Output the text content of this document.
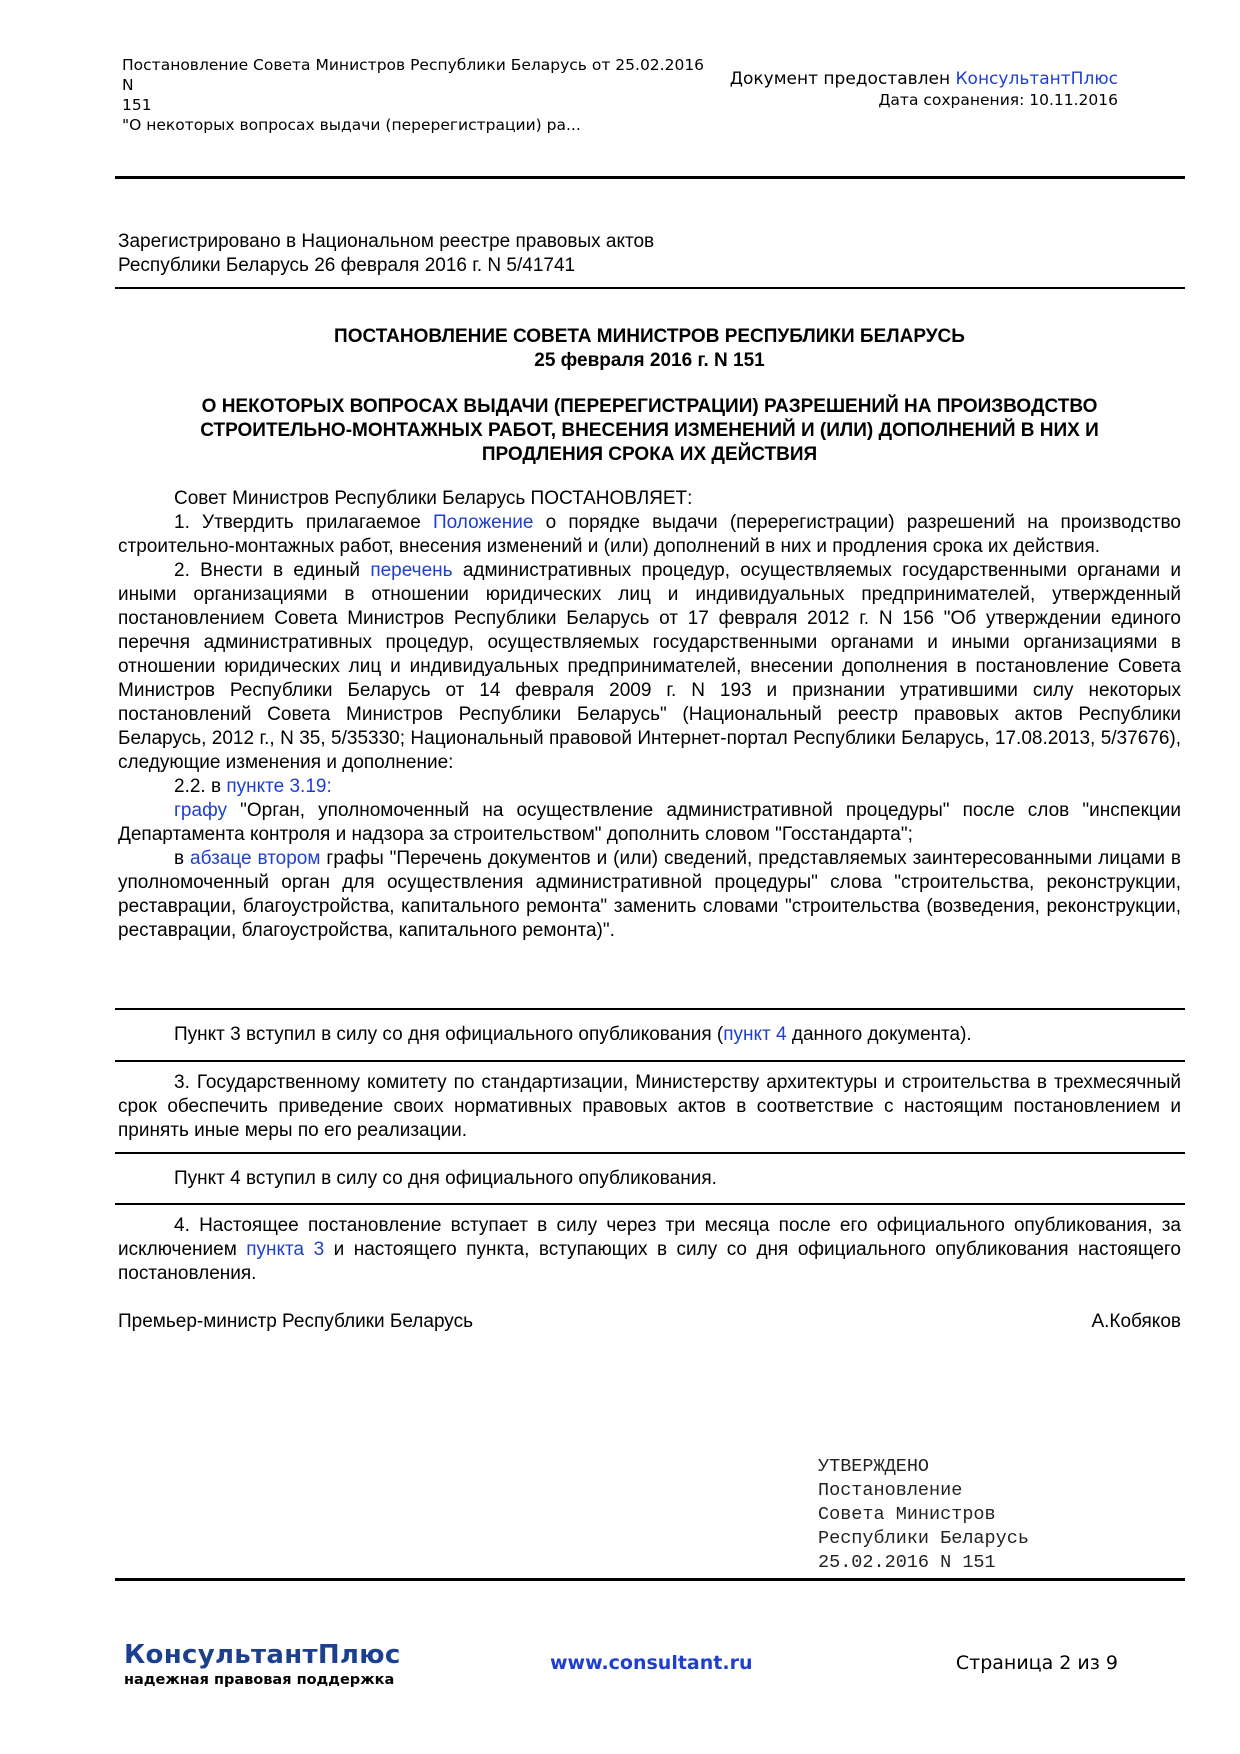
Постановление Совета Министров Республики Беларусь от 25.02.2016 N
151
"О некоторых вопросах выдачи (перерегистрации) ра...
Документ предоставлен КонсультантПлюс
Дата сохранения: 10.11.2016
Зарегистрировано в Национальном реестре правовых актов
Республики Беларусь 26 февраля 2016 г. N 5/41741
ПОСТАНОВЛЕНИЕ СОВЕТА МИНИСТРОВ РЕСПУБЛИКИ БЕЛАРУСЬ
25 февраля 2016 г. N 151
О НЕКОТОРЫХ ВОПРОСАХ ВЫДАЧИ (ПЕРЕРЕГИСТРАЦИИ) РАЗРЕШЕНИЙ НА ПРОИЗВОДСТВО СТРОИТЕЛЬНО-МОНТАЖНЫХ РАБОТ, ВНЕСЕНИЯ ИЗМЕНЕНИЙ И (ИЛИ) ДОПОЛНЕНИЙ В НИХ И ПРОДЛЕНИЯ СРОКА ИХ ДЕЙСТВИЯ

Совет Министров Республики Беларусь ПОСТАНОВЛЯЕТ:

1. Утвердить прилагаемое Положение о порядке выдачи (перерегистрации) разрешений на производство строительно-монтажных работ, внесения изменений и (или) дополнений в них и продления срока их действия.

2. Внести в единый перечень административных процедур, осуществляемых государственными органами и иными организациями в отношении юридических лиц и индивидуальных предпринимателей, утвержденный постановлением Совета Министров Республики Беларусь от 17 февраля 2012 г. N 156 "Об утверждении единого перечня административных процедур, осуществляемых государственными органами и иными организациями в отношении юридических лиц и индивидуальных предпринимателей, внесении дополнения в постановление Совета Министров Республики Беларусь от 14 февраля 2009 г. N 193 и признании утратившими силу некоторых постановлений Совета Министров Республики Беларусь" (Национальный реестр правовых актов Республики Беларусь, 2012 г., N 35, 5/35330; Национальный правовой Интернет-портал Республики Беларусь, 17.08.2013, 5/37676), следующие изменения и дополнение:

2.2. в пункте 3.19:

графу "Орган, уполномоченный на осуществление административной процедуры" после слов "инспекции Департамента контроля и надзора за строительством" дополнить словом "Госстандарта";

в абзаце втором графы "Перечень документов и (или) сведений, представляемых заинтересованными лицами в уполномоченный орган для осуществления административной процедуры" слова "строительства, реконструкции, реставрации, благоустройства, капитального ремонта" заменить словами "строительства (возведения, реконструкции, реставрации, благоустройства, капитального ремонта)".

Пункт 3 вступил в силу со дня официального опубликования (пункт 4 данного документа).

3. Государственному комитету по стандартизации, Министерству архитектуры и строительства в трехмесячный срок обеспечить приведение своих нормативных правовых актов в соответствие с настоящим постановлением и принять иные меры по его реализации.

Пункт 4 вступил в силу со дня официального опубликования.

4. Настоящее постановление вступает в силу через три месяца после его официального опубликования, за исключением пункта 3 и настоящего пункта, вступающих в силу со дня официального опубликования настоящего постановления.

Премьер-министр Республики Беларусь	А.Кобяков
УТВЕРЖДЕНО
Постановление
Совета Министров
Республики Беларусь
25.02.2016 N 151
КонсультантПлюс
надежная правовая поддержка
www.consultant.ru	Страница 2 из 9
